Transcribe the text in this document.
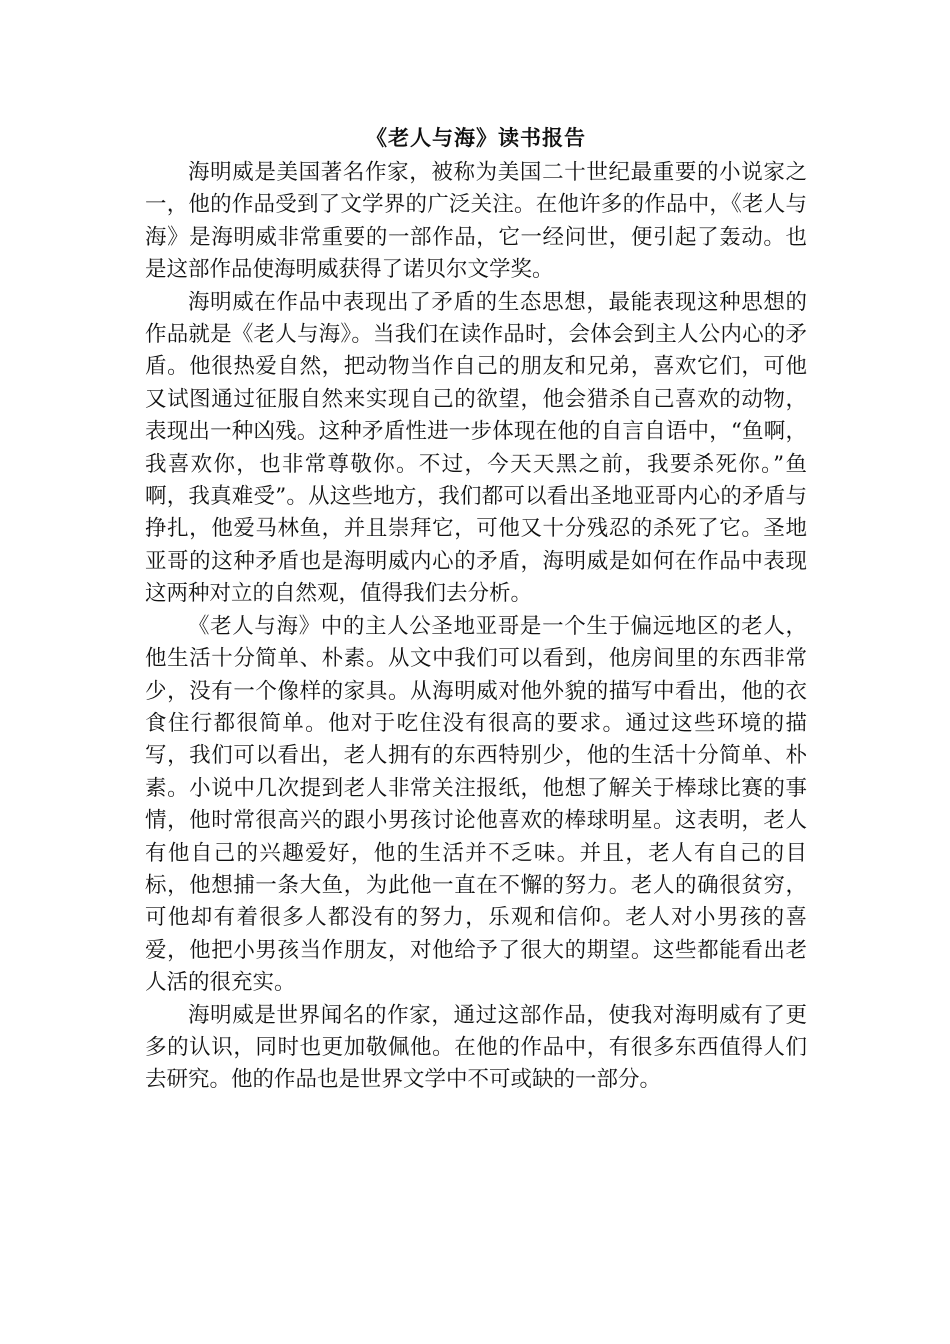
《老人与海》读书报告

海明威是美国著名作家，被称为美国二十世纪最重要的小说家之一，他的作品受到了文学界的广泛关注。在他许多的作品中，《老人与海》是海明威非常重要的一部作品，它一经问世，便引起了轰动。也是这部作品使海明威获得了诺贝尔文学奖。

海明威在作品中表现出了矛盾的生态思想，最能表现这种思想的作品就是《老人与海》。当我们在读作品时，会体会到主人公内心的矛盾。他很热爱自然，把动物当作自己的朋友和兄弟，喜欢它们，可他又试图通过征服自然来实现自己的欲望，他会猎杀自己喜欢的动物，表现出一种凶残。这种矛盾性进一步体现在他的自言自语中，“鱼啊，我喜欢你，也非常尊敬你。不过，今天天黑之前，我要杀死你。”鱼啊，我真难受”。从这些地方，我们都可以看出圣地亚哥内心的矛盾与挣扎，他爱马林鱼，并且崇拜它，可他又十分残忍的杀死了它。圣地亚哥的这种矛盾也是海明威内心的矛盾，海明威是如何在作品中表现这两种对立的自然观，值得我们去分析。

《老人与海》中的主人公圣地亚哥是一个生于偏远地区的老人，他生活十分简单、朴素。从文中我们可以看到，他房间里的东西非常少，没有一个像样的家具。从海明威对他外貌的描写中看出，他的衣食住行都很简单。他对于吃住没有很高的要求。通过这些环境的描写，我们可以看出，老人拥有的东西特别少，他的生活十分简单、朴素。小说中几次提到老人非常关注报纸，他想了解关于棒球比赛的事情，他时常很高兴的跟小男孩讨论他喜欢的棒球明星。这表明，老人有他自己的兴趣爱好，他的生活并不乏味。并且，老人有自己的目标，他想捕一条大鱼，为此他一直在不懈的努力。老人的确很贫穷，可他却有着很多人都没有的努力，乐观和信仰。老人对小男孩的喜爱，他把小男孩当作朋友，对他给予了很大的期望。这些都能看出老人活的很充实。

海明威是世界闻名的作家，通过这部作品，使我对海明威有了更多的认识，同时也更加敬佩他。在他的作品中，有很多东西值得人们去研究。他的作品也是世界文学中不可或缺的一部分。
